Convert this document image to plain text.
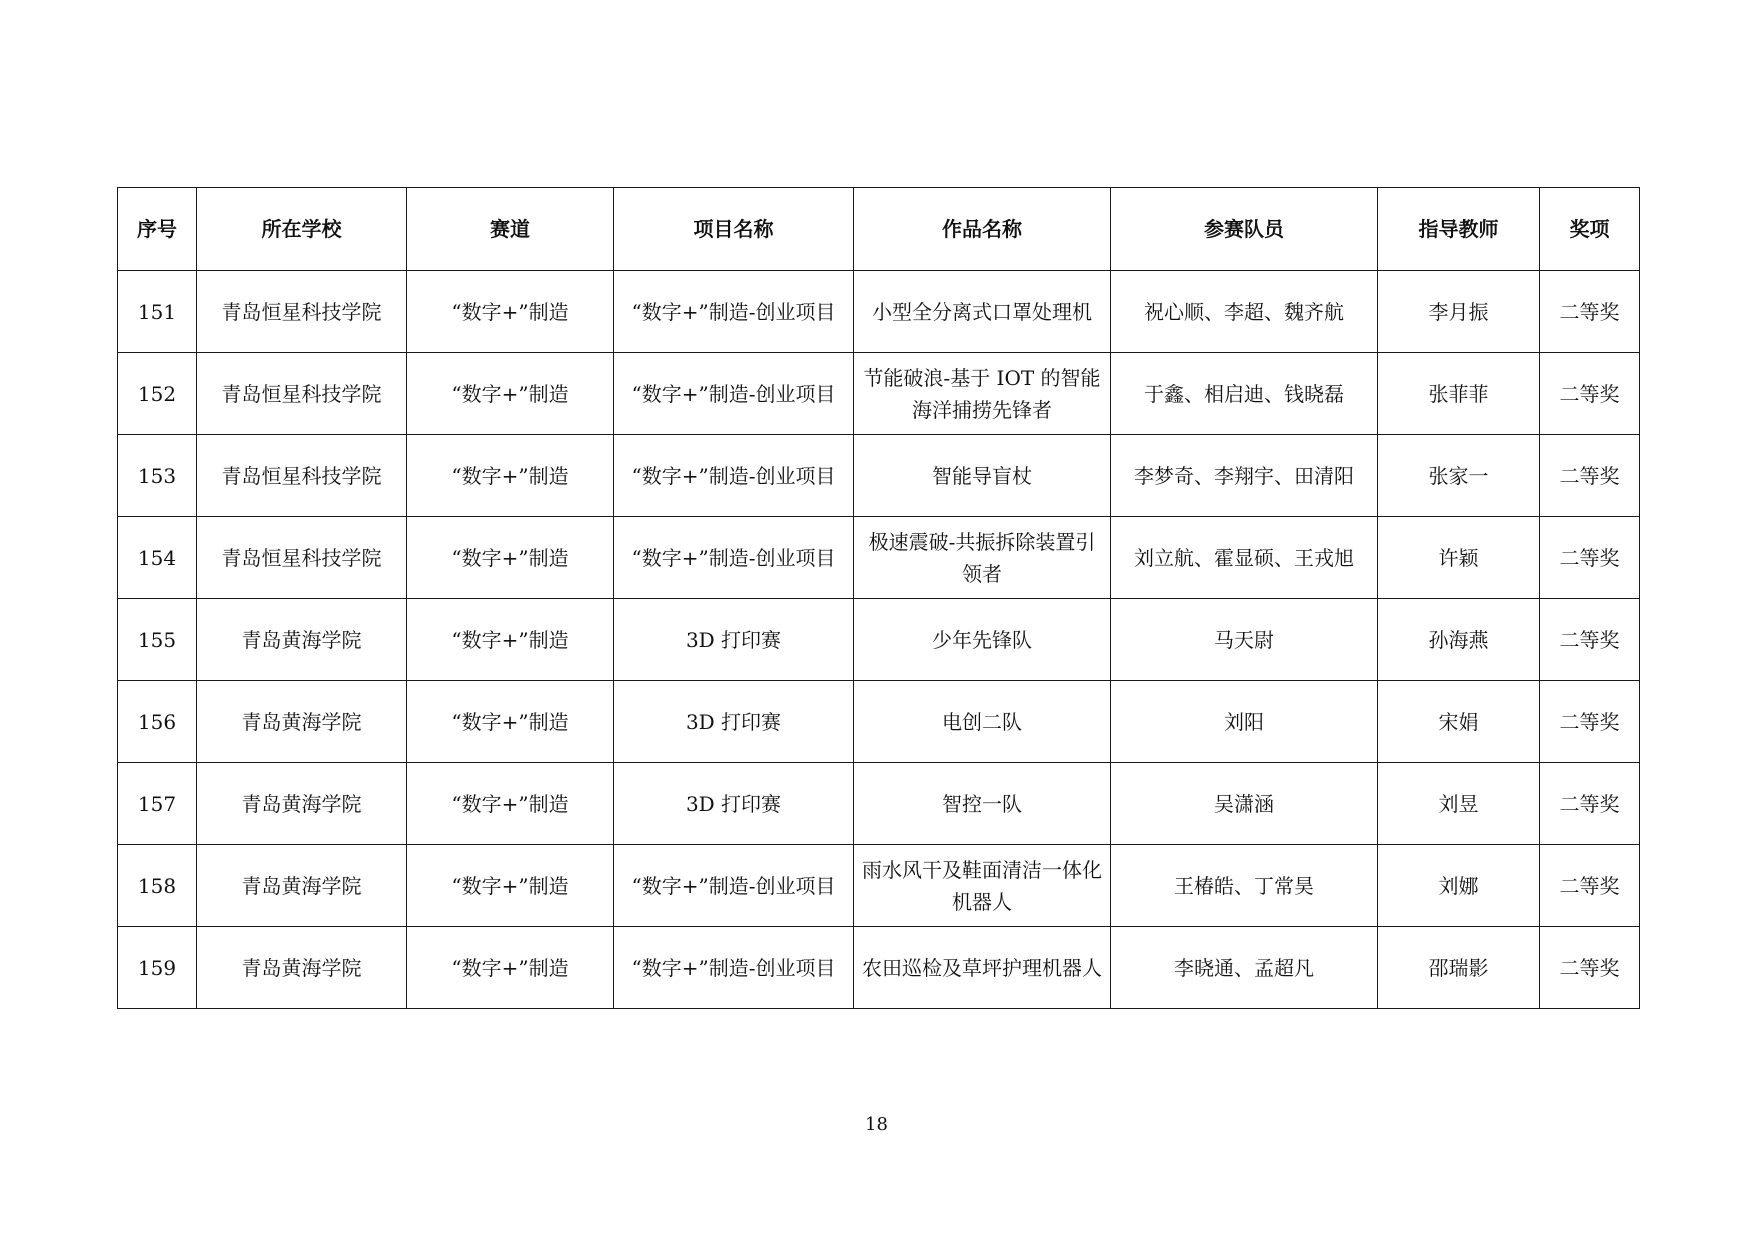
序号	所在学校	赛道	项目名称	作品名称	参赛队员	指导教师	奖项
151	青岛恒星科技学院	“数字+”制造	“数字+”制造-创业项目	小型全分离式口罩处理机	祝心顺、李超、魏齐航	李月振	二等奖
152	青岛恒星科技学院	“数字+”制造	“数字+”制造-创业项目	节能破浪-基于 IOT 的智能海洋捕捞先锋者	于鑫、相启迪、钱晓磊	张菲菲	二等奖
153	青岛恒星科技学院	“数字+”制造	“数字+”制造-创业项目	智能导盲杖	李梦奇、李翔宇、田清阳	张家一	二等奖
154	青岛恒星科技学院	“数字+”制造	“数字+”制造-创业项目	极速震破-共振拆除装置引领者	刘立航、霍显硕、王戎旭	许颖	二等奖
155	青岛黄海学院	“数字+”制造	3D 打印赛	少年先锋队	马天尉	孙海燕	二等奖
156	青岛黄海学院	“数字+”制造	3D 打印赛	电创二队	刘阳	宋娟	二等奖
157	青岛黄海学院	“数字+”制造	3D 打印赛	智控一队	吴潇涵	刘昱	二等奖
158	青岛黄海学院	“数字+”制造	“数字+”制造-创业项目	雨水风干及鞋面清洁一体化机器人	王椿皓、丁常昊	刘娜	二等奖
159	青岛黄海学院	“数字+”制造	“数字+”制造-创业项目	农田巡检及草坪护理机器人	李晓通、孟超凡	邵瑞影	二等奖
18
